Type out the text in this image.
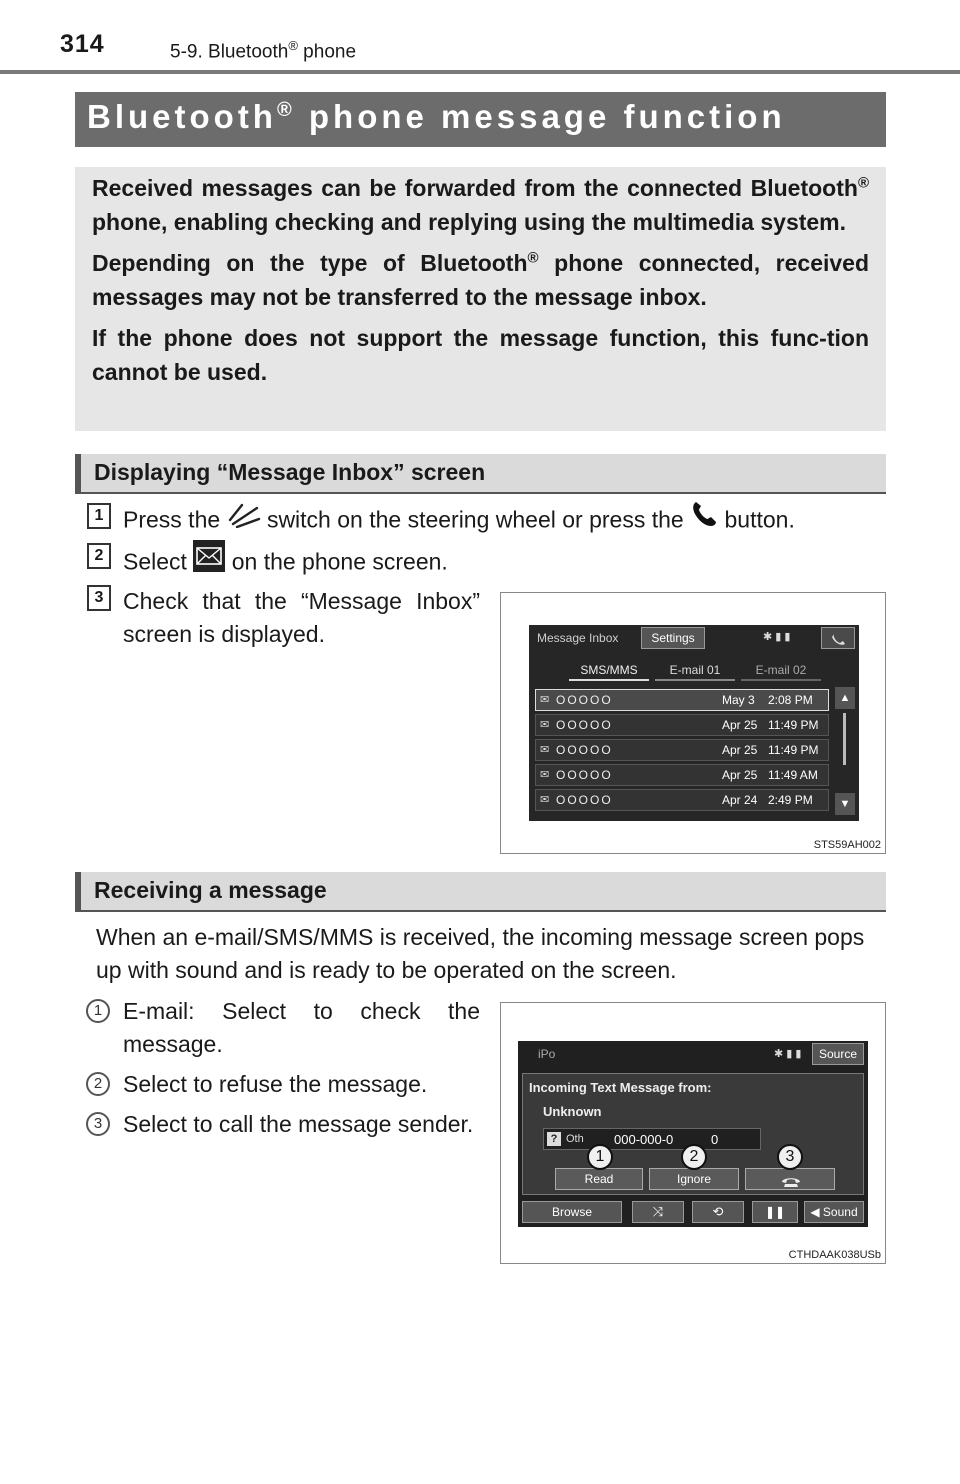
314	5-9. Bluetooth® phone
Bluetooth® phone message function

Received messages can be forwarded from the connected Bluetooth® phone, enabling checking and replying using the multimedia system.

Depending on the type of Bluetooth® phone connected, received messages may not be transferred to the message inbox.

If the phone does not support the message function, this func-tion cannot be used.

Displaying “Message Inbox” screen
1 Press the  switch on the steering wheel or press the  button.
2 Select  on the phone screen.
3 Check that the “Message Inbox” screen is displayed.	Message Inbox	Settings	✱ ▮ ▮
SMS/MMS	E-mail 01	E-mail 02
✉ OOOOO	May 3 2:08 PM
✉ OOOOO	Apr 25 11:49 PM
✉ OOOOO	Apr 25 11:49 PM
✉ OOOOO	Apr 25 11:49 AM
✉ OOOOO	Apr 24 2:49 PM
▲
▼
STS59AH002
Receiving a message
When an e-mail/SMS/MMS is received, the incoming message screen pops up with sound and is ready to be operated on the screen.
1 E-mail: Select to check the message.
2 Select to refuse the message.
3 Select to call the message sender.
iPo	✱ ▮ ▮	Source
Incoming Text Message from:
Unknown
? Oth 000-000-0	0
Read	Ignore
1	2	3
Browse	⤨	⟲	❚❚	◀ Sound
CTHDAAK038USb
